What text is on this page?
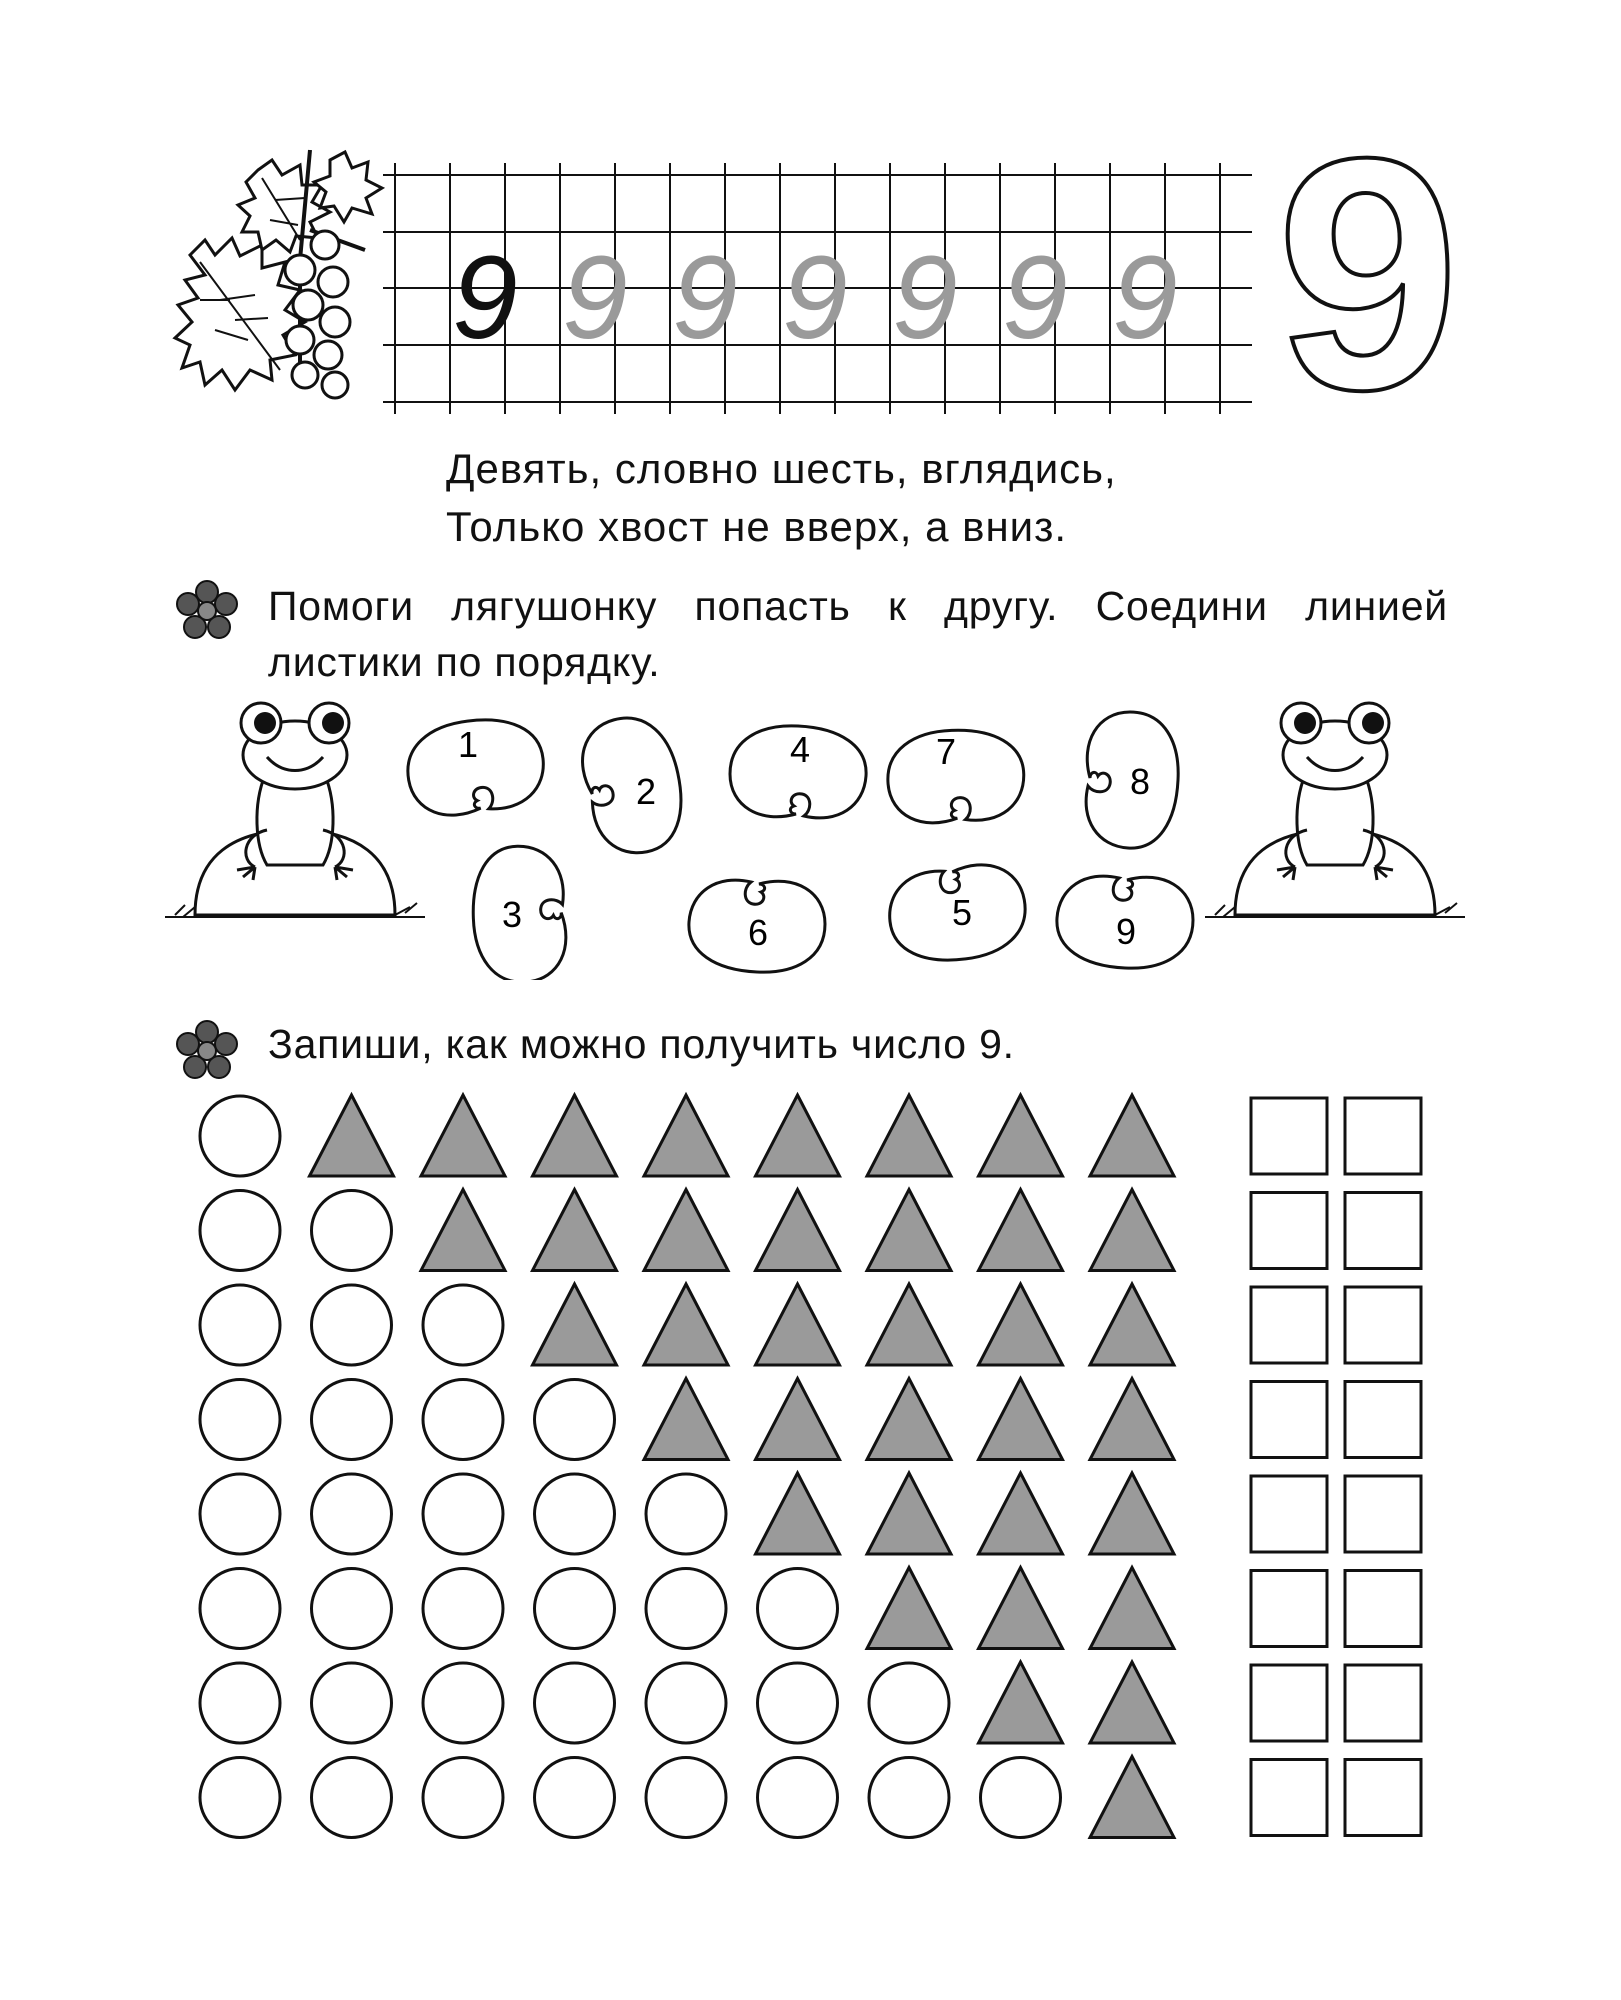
9 9 9 9 9 9 9 9
Девять, словно шесть, вглядись,
Только хвост не вверх, а вниз.
Помоги лягушонку попасть к другу. Соедини линией листики по порядку.
1
2
3
4
5
6
7
8
9
Запиши, как можно получить число 9.
